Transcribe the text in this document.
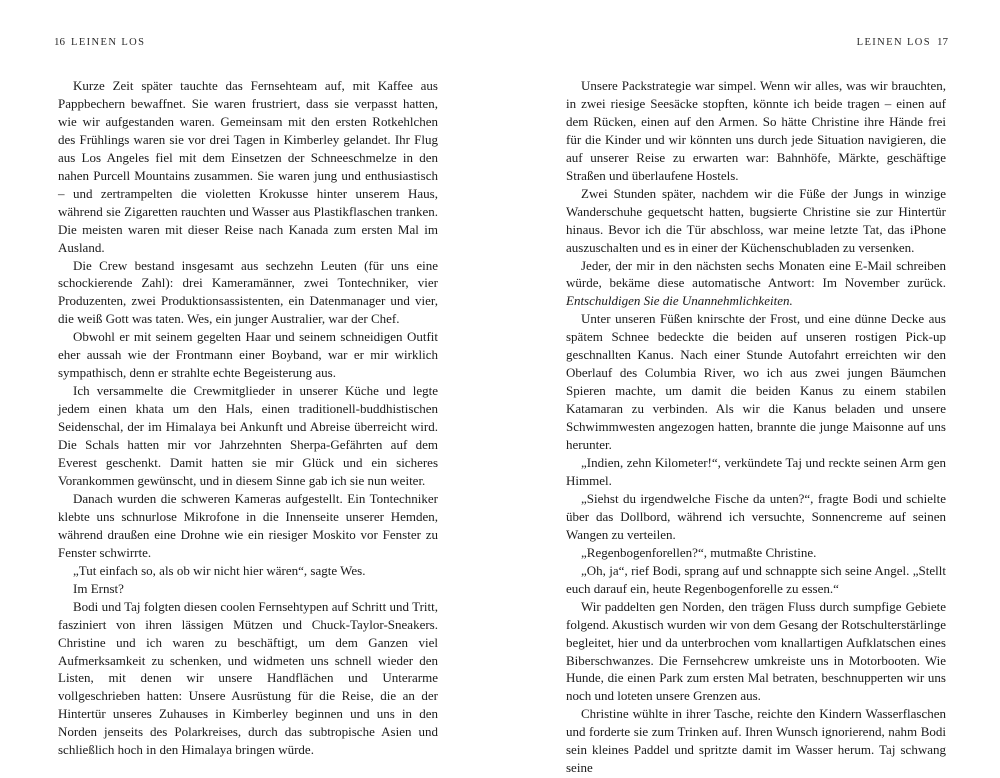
16 LEINEN LOS

Kurze Zeit später tauchte das Fernsehteam auf, mit Kaffee aus Pappbechern bewaffnet. Sie waren frustriert, dass sie verpasst hatten, wie wir aufgestanden waren. Gemeinsam mit den ersten Rotkehlchen des Frühlings waren sie vor drei Tagen in Kimberley gelandet. Ihr Flug aus Los Angeles fiel mit dem Einsetzen der Schneeschmelze in den nahen Purcell Mountains zusammen. Sie waren jung und enthusiastisch – und zertrampelten die violetten Krokusse hinter unserem Haus, während sie Zigaretten rauchten und Wasser aus Plastikflaschen tranken. Die meisten waren mit dieser Reise nach Kanada zum ersten Mal im Ausland.

Die Crew bestand insgesamt aus sechzehn Leuten (für uns eine schockierende Zahl): drei Kameramänner, zwei Tontechniker, vier Produzenten, zwei Produktionsassistenten, ein Datenmanager und vier, die weiß Gott was taten. Wes, ein junger Australier, war der Chef.

Obwohl er mit seinem gegelten Haar und seinem schneidigen Outfit eher aussah wie der Frontmann einer Boyband, war er mir wirklich sympathisch, denn er strahlte echte Begeisterung aus.

Ich versammelte die Crewmitglieder in unserer Küche und legte jedem einen khata um den Hals, einen traditionell-buddhistischen Seidenschal, der im Himalaya bei Ankunft und Abreise überreicht wird. Die Schals hatten mir vor Jahrzehnten Sherpa-Gefährten auf dem Everest geschenkt. Damit hatten sie mir Glück und ein sicheres Vorankommen gewünscht, und in diesem Sinne gab ich sie nun weiter.

Danach wurden die schweren Kameras aufgestellt. Ein Tontechniker klebte uns schnurlose Mikrofone in die Innenseite unserer Hemden, während draußen eine Drohne wie ein riesiger Moskito vor Fenster zu Fenster schwirrte.

„Tut einfach so, als ob wir nicht hier wären“, sagte Wes.

Im Ernst?

Bodi und Taj folgten diesen coolen Fernsehtypen auf Schritt und Tritt, fasziniert von ihren lässigen Mützen und Chuck-Taylor-Sneakers. Christine und ich waren zu beschäftigt, um dem Ganzen viel Aufmerksamkeit zu schenken, und widmeten uns schnell wieder den Listen, mit denen wir unsere Handflächen und Unterarme vollgeschrieben hatten: Unsere Ausrüstung für die Reise, die an der Hintertür unseres Zuhauses in Kimberley beginnen und uns in den Norden jenseits des Polarkreises, durch das subtropische Asien und schließlich hoch in den Himalaya bringen würde.

LEINEN LOS 17

Unsere Packstrategie war simpel. Wenn wir alles, was wir brauchten, in zwei riesige Seesäcke stopften, könnte ich beide tragen – einen auf dem Rücken, einen auf den Armen. So hätte Christine ihre Hände frei für die Kinder und wir könnten uns durch jede Situation navigieren, die auf unserer Reise zu erwarten war: Bahnhöfe, Märkte, geschäftige Straßen und überlaufene Hostels.

Zwei Stunden später, nachdem wir die Füße der Jungs in winzige Wanderschuhe gequetscht hatten, bugsierte Christine sie zur Hintertür hinaus. Bevor ich die Tür abschloss, war meine letzte Tat, das iPhone auszuschalten und es in einer der Küchenschubladen zu versenken.

Jeder, der mir in den nächsten sechs Monaten eine E-Mail schreiben würde, bekäme diese automatische Antwort: Im November zurück. Entschuldigen Sie die Unannehmlichkeiten.

Unter unseren Füßen knirschte der Frost, und eine dünne Decke aus spätem Schnee bedeckte die beiden auf unseren rostigen Pick-up geschnallten Kanus. Nach einer Stunde Autofahrt erreichten wir den Oberlauf des Columbia River, wo ich aus zwei jungen Bäumchen Spieren machte, um damit die beiden Kanus zu einem stabilen Katamaran zu verbinden. Als wir die Kanus beladen und unsere Schwimmwesten angezogen hatten, brannte die junge Maisonne auf uns herunter.

„Indien, zehn Kilometer!“, verkündete Taj und reckte seinen Arm gen Himmel.

„Siehst du irgendwelche Fische da unten?“, fragte Bodi und schielte über das Dollbord, während ich versuchte, Sonnencreme auf seinen Wangen zu verteilen.

„Regenbogenforellen?“, mutmaßte Christine.

„Oh, ja“, rief Bodi, sprang auf und schnappte sich seine Angel. „Stellt euch darauf ein, heute Regenbogenforelle zu essen.“

Wir paddelten gen Norden, den trägen Fluss durch sumpfige Gebiete folgend. Akustisch wurden wir von dem Gesang der Rotschulterstärlinge begleitet, hier und da unterbrochen vom knallartigen Aufklatschen eines Biberschwanzes. Die Fernsehcrew umkreiste uns in Motorbooten. Wie Hunde, die einen Park zum ersten Mal betraten, beschnupperten wir uns noch und loteten unsere Grenzen aus.

Christine wühlte in ihrer Tasche, reichte den Kindern Wasserflaschen und forderte sie zum Trinken auf. Ihren Wunsch ignorierend, nahm Bodi sein kleines Paddel und spritzte damit im Wasser herum. Taj schwang seine
